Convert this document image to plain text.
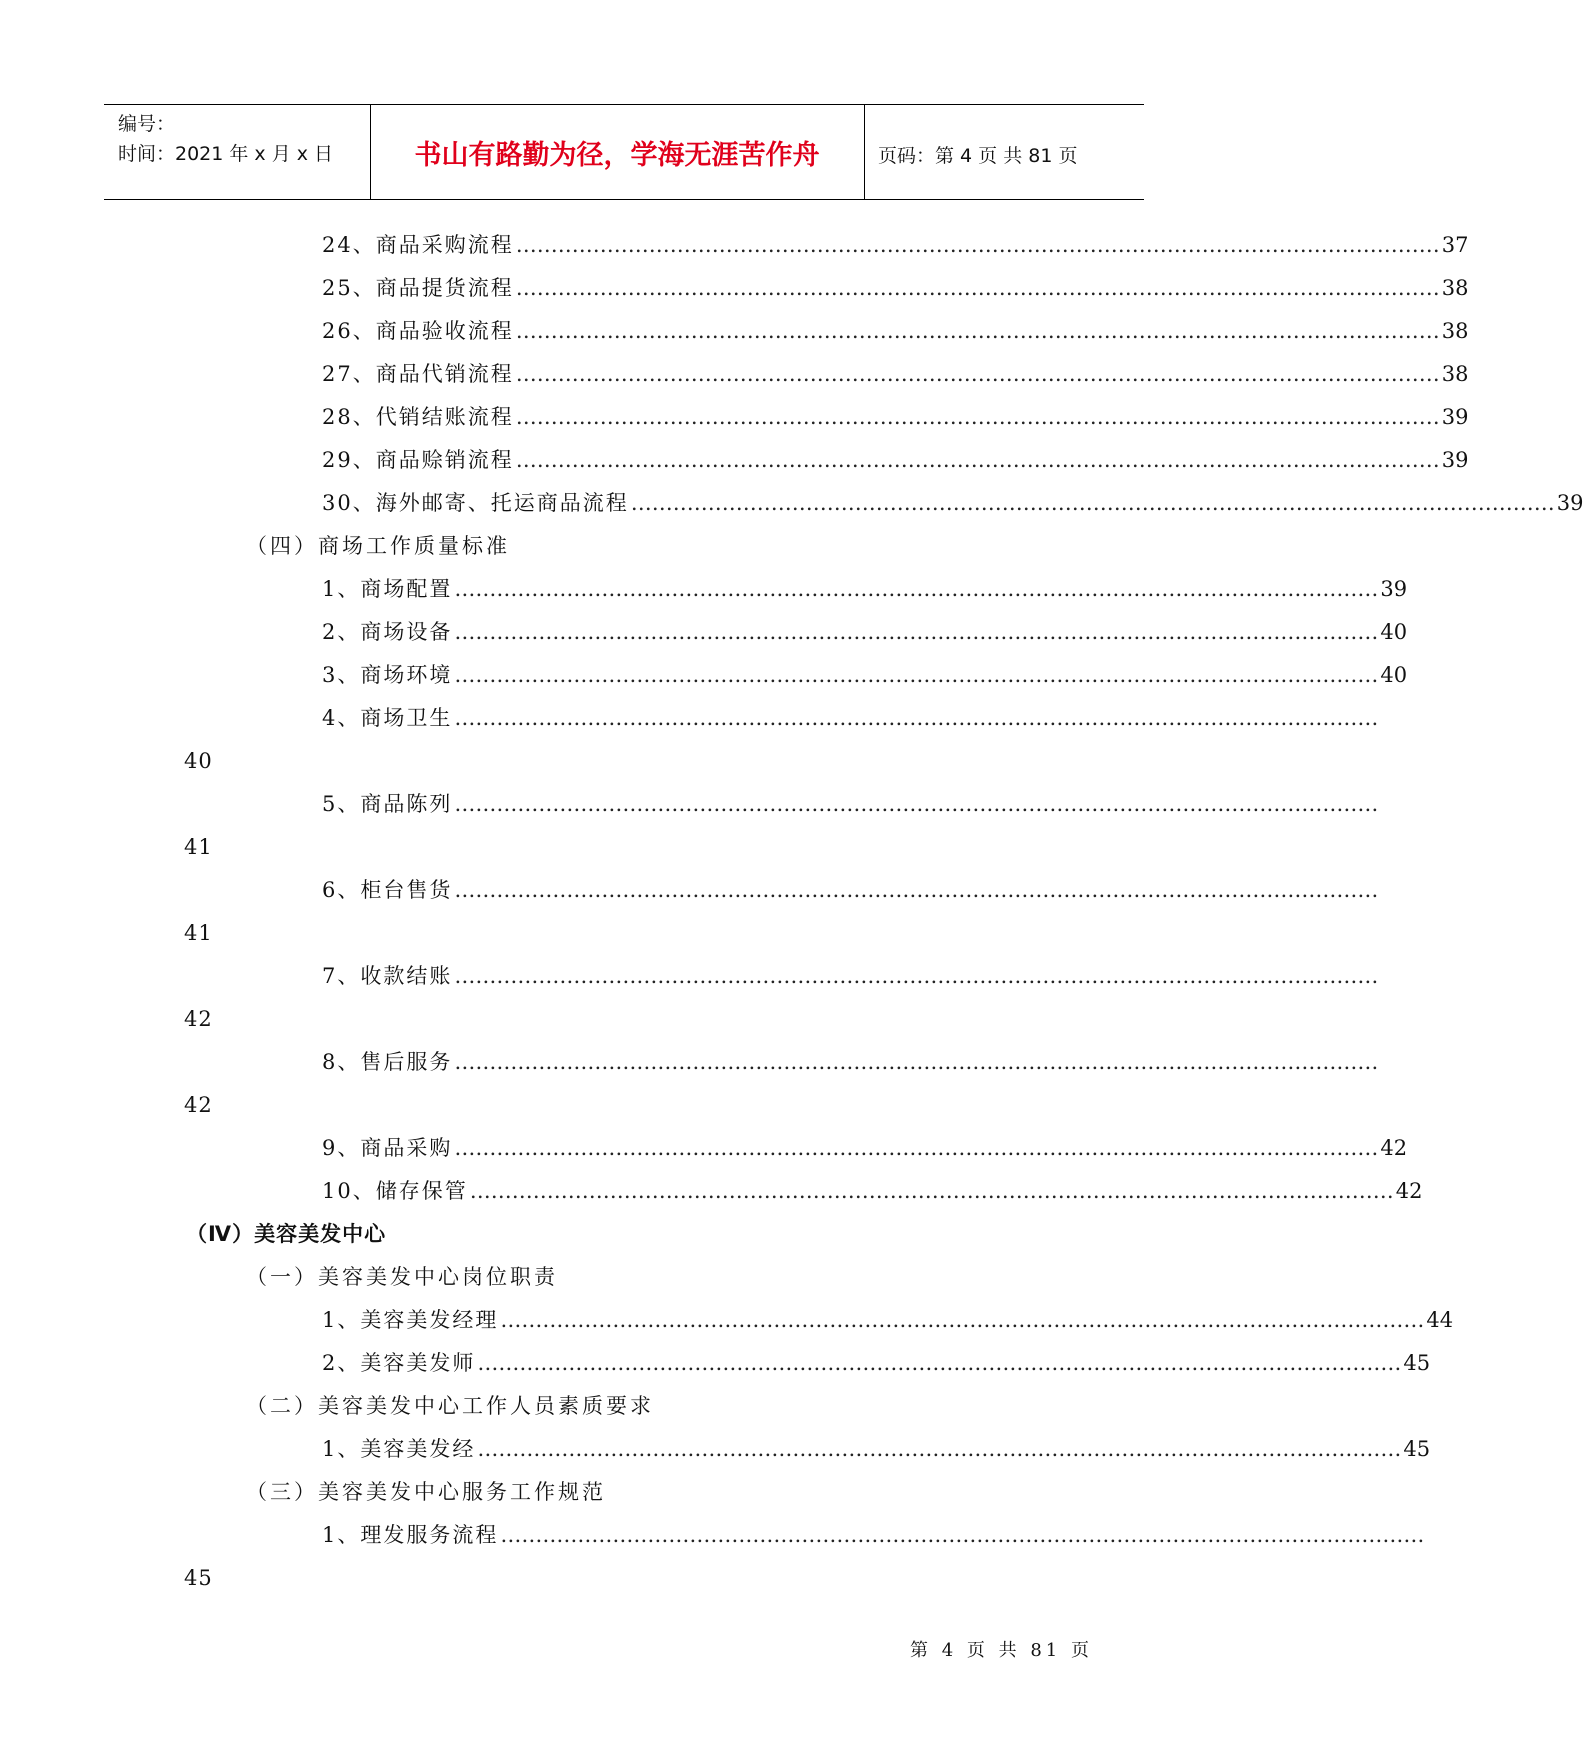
编号：
时间：2021 年 x 月 x 日	书山有路勤为径，学海无涯苦作舟	页码：第 4 页 共 81 页
24、商品采购流程 …………………………………………………………………………………………………………………… 37
25、商品提货流程 …………………………………………………………………………………………………………………… 38
26、商品验收流程 …………………………………………………………………………………………………………………… 38
27、商品代销流程 …………………………………………………………………………………………………………………… 38
28、代销结账流程 …………………………………………………………………………………………………………………… 39
29、商品赊销流程 …………………………………………………………………………………………………………………… 39
30、海外邮寄、托运商品流程 …………………………………………………………………………………………………………………… 39
（四）商场工作质量标准
1、商场配置 …………………………………………………………………………………………………………………… 39
2、商场设备 …………………………………………………………………………………………………………………… 40
3、商场环境 …………………………………………………………………………………………………………………… 40
4、商场卫生 ……………………………………………………………………………………………………………………
40
5、商品陈列 ……………………………………………………………………………………………………………………
41
6、柜台售货 ……………………………………………………………………………………………………………………
41
7、收款结账 ……………………………………………………………………………………………………………………
42
8、售后服务 ……………………………………………………………………………………………………………………
42
9、商品采购 …………………………………………………………………………………………………………………… 42
10、储存保管 …………………………………………………………………………………………………………………… 42
（Ⅳ）美容美发中心
（一）美容美发中心岗位职责
1、美容美发经理 …………………………………………………………………………………………………………………… 44
2、美容美发师 …………………………………………………………………………………………………………………… 45
（二）美容美发中心工作人员素质要求
1、美容美发经 …………………………………………………………………………………………………………………… 45
（三）美容美发中心服务工作规范
1、理发服务流程 ……………………………………………………………………………………………………………………
45
第 4 页 共 81 页
